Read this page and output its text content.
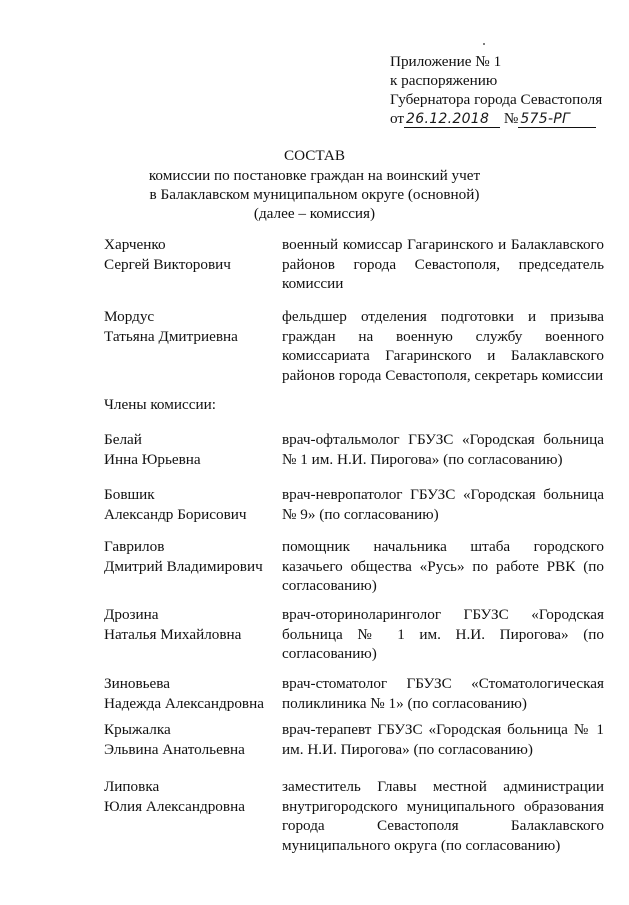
Приложение № 1
к распоряжению
Губернатора города Севастополя
от 26.12.2018 № 575-РГ
СОСТАВ
комиссии по постановке граждан на воинский учет
в Балаклавском муниципальном округе (основной)
(далее – комиссия)
Харченко
Сергей Викторович
военный комиссар Гагаринского и Балаклавского районов города Севастополя, председатель комиссии
Мордус
Татьяна Дмитриевна
фельдшер отделения подготовки и призыва граждан на военную службу военного комиссариата Гагаринского и Балаклавского районов города Севастополя, секретарь комиссии
Члены комиссии:
Белай
Инна Юрьевна
врач-офтальмолог ГБУЗС «Городская больница № 1 им. Н.И. Пирогова» (по согласованию)
Бовшик
Александр Борисович
врач-невропатолог ГБУЗС «Городская больница № 9» (по согласованию)
Гаврилов
Дмитрий Владимирович
помощник начальника штаба городского казачьего общества «Русь» по работе РВК (по согласованию)
Дрозина
Наталья Михайловна
врач-оториноларинголог ГБУЗС «Городская больница № 1 им. Н.И. Пирогова» (по согласованию)
Зиновьева
Надежда Александровна
врач-стоматолог ГБУЗС «Стоматологическая поликлиника № 1» (по согласованию)
Крыжалка
Эльвина Анатольевна
врач-терапевт ГБУЗС «Городская больница № 1 им. Н.И. Пирогова» (по согласованию)
Липовка
Юлия Александровна
заместитель Главы местной администрации внутригородского муниципального образования города Севастополя Балаклавского муниципального округа (по согласованию)
